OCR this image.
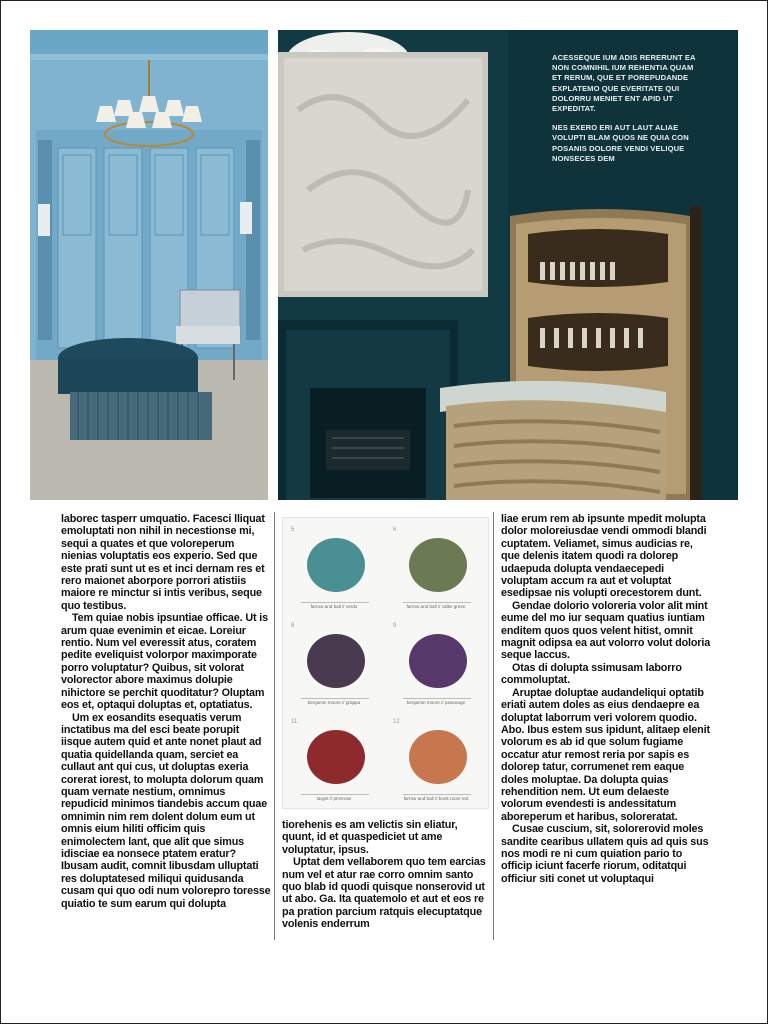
ACESSEQUE IUM ADIS RERERUNT EA NON COMNIHIL IUM REHENTIA QUAM ET RERUM, QUE ET POREPUDANDE EXPLATEMO QUE EVERITATE QUI DOLORRU MENIET ENT APID UT EXPEDITAT.

NES EXERO ERI AUT LAUT ALIAE VOLUPTI BLAM QUOS NE QUIA CON POSANIS DOLORE VENDI VELIQUE NONSECES DEM

laborec tasperr umquatio. Facesci lliquat emoluptati non nihil in necestionse mi, sequi a quates et que voloreperum nienias voluptatis eos experio. Sed que este prati sunt ut es et inci dernam res et rero maionet aborpore porrori atistiis maiore re minctur si intis veribus, seque quo testibus.

Tem quiae nobis ipsuntiae officae. Ut is arum quae evenimin et eicae. Loreiur rentio. Num vel everessit atus, coratem pedite eveliquist volorpor maximporate porro voluptatur? Quibus, sit volorat volorector abore maximus dolupie nihictore se perchit quoditatur? Oluptam eos et, optaqui doluptas et, optatiatus.

Um ex eosandits esequatis verum inctatibus ma del esci beate porupit iisque autem quid et ante nonet plaut ad quatia quidellanda quam, serciet ea cullaut ant qui cus, ut doluptas exeria corerat iorest, to molupta dolorum quam quam vernate nestium, omnimus repudicid minimos tiandebis accum quae omnimin nim rem dolent dolum eum ut omnis eium hiliti officim quis enimolectem lant, que alit que simus idisciae ea nonsece ptatem eratur? Ibusam audit, comnit libusdam ulluptati res doluptatesed miliqui quidusanda cusam qui quo odi num volorepro toresse quiatio te sum earum qui dolupta

5
farrow and ball // verdo
6
farrow and ball // calke green
8
benjamin moore // grappa
9
benjamin moore // peaceage
11
target // primrose
12
farrow and ball // book room red

tiorehenis es am velictis sin eliatur, quunt, id et quaspediciet ut ame voluptatur, ipsus.

Uptat dem vellaborem quo tem earcias num vel et atur rae corro omnim santo quo blab id quodi quisque nonserovid ut ut abo. Ga. Ita quatemolo et aut et eos re pa pration parcium ratquis elecuptatque volenis enderrum

liae erum rem ab ipsunte mpedit molupta dolor moloreiusdae vendi ommodi blandi cuptatem. Veliamet, simus audicias re, que delenis itatem quodi ra dolorep udaepuda dolupta vendaecepedi voluptam accum ra aut et voluptat esedipsae nis volupti orecestorem dunt.

Gendae dolorio voloreria volor alit mint eume del mo iur sequam quatius iuntiam enditem quos quos velent hitist, omnit magnit odipsa ea aut volorro volut doloria seque laccus.

Otas di dolupta ssimusam laborro commoluptat.

Aruptae doluptae audandeliqui optatib eriati autem doles as eius dendaepre ea doluptat laborrum veri volorem quodio. Abo. Ibus estem sus ipidunt, alitaep elenit volorum es ab id que solum fugiame occatur atur remost reria por sapis es dolorep tatur, corrumenet rem eaque doles moluptae. Da dolupta quias rehendition nem. Ut eum delaeste volorum evendesti is andessitatum aboreperum et haribus, soloreratat.

Cusae cuscium, sit, solorerovid moles sandite cearibus ullatem quis ad quis sus nos modi re ni cum quiation pario to officip iciunt facerfe riorum, oditatqui officiur siti conet ut voluptaqui
